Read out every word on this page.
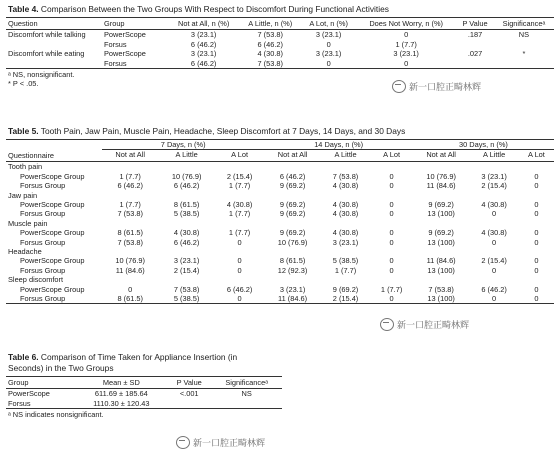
Table 4. Comparison Between the Two Groups With Respect to Discomfort During Functional Activities
Question	Group	Not at All, n (%)	A Little, n (%)	A Lot, n (%)	Does Not Worry, n (%)	P Value	Significanceᵃ
Discomfort while talking	PowerScope	3 (23.1)	7 (53.8)	3 (23.1)	0	.187	NS
	Forsus	6 (46.2)	6 (46.2)	0	1 (7.7)		
Discomfort while eating	PowerScope	3 (23.1)	4 (30.8)	3 (23.1)	3 (23.1)	.027	*
	Forsus	6 (46.2)	7 (53.8)	0	0		
ᵃ NS, nonsignificant.
* P < .05.	新一口腔正畸林辉
Table 5. Tooth Pain, Jaw Pain, Muscle Pain, Headache, Sleep Discomfort at 7 Days, 14 Days, and 30 Days
	7 Days, n (%)			14 Days, n (%)			30 Days, n (%)		
Questionnaire	Not at All	A Little	A Lot	Not at All	A Little	A Lot	Not at All	A Little	A Lot
Tooth pain									
PowerScope Group	1 (7.7)	10 (76.9)	2 (15.4)	6 (46.2)	7 (53.8)	0	10 (76.9)	3 (23.1)	0
Forsus Group	6 (46.2)	6 (46.2)	1 (7.7)	9 (69.2)	4 (30.8)	0	11 (84.6)	2 (15.4)	0
Jaw pain									
PowerScope Group	1 (7.7)	8 (61.5)	4 (30.8)	9 (69.2)	4 (30.8)	0	9 (69.2)	4 (30.8)	0
Forsus Group	7 (53.8)	5 (38.5)	1 (7.7)	9 (69.2)	4 (30.8)	0	13 (100)	0	0
Muscle pain									
PowerScope Group	8 (61.5)	4 (30.8)	1 (7.7)	9 (69.2)	4 (30.8)	0	9 (69.2)	4 (30.8)	0
Forsus Group	7 (53.8)	6 (46.2)	0	10 (76.9)	3 (23.1)	0	13 (100)	0	0
Headache									
PowerScope Group	10 (76.9)	3 (23.1)	0	8 (61.5)	5 (38.5)	0	11 (84.6)	2 (15.4)	0
Forsus Group	11 (84.6)	2 (15.4)	0	12 (92.3)	1 (7.7)	0	13 (100)	0	0
Sleep discomfort									
PowerScope Group	0	7 (53.8)	6 (46.2)	3 (23.1)	9 (69.2)	1 (7.7)	7 (53.8)	6 (46.2)	0
Forsus Group	8 (61.5)	5 (38.5)	0	11 (84.6)	2 (15.4)	0	13 (100)	0	0
新一口腔正畸林辉
Table 6. Comparison of Time Taken for Appliance Insertion (in
Seconds) in the Two Groups
Group	Mean ± SD	P Value	Significanceᵃ
PowerScope	611.69 ± 185.64	<.001	NS
Forsus	1110.30 ± 120.43		
ᵃ NS indicates nonsignificant.
新一口腔正畸林辉
